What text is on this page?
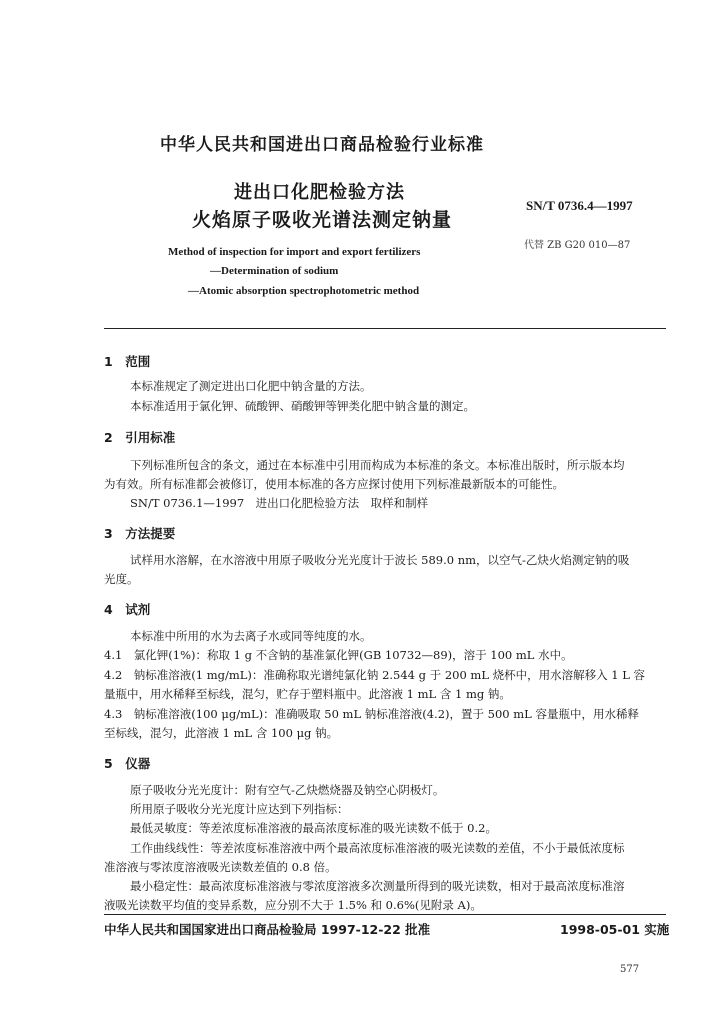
中华人民共和国进出口商品检验行业标准
进出口化肥检验方法
火焰原子吸收光谱法测定钠量
SN/T 0736.4—1997
代替 ZB G20 010—87
Method of inspection for import and export fertilizers
—Determination of sodium
—Atomic absorption spectrophotometric method
1　范围
本标准规定了测定进出口化肥中钠含量的方法。
本标准适用于氯化钾、硫酸钾、硝酸钾等钾类化肥中钠含量的测定。
2　引用标准
下列标准所包含的条文，通过在本标准中引用而构成为本标准的条文。本标准出版时，所示版本均
为有效。所有标准都会被修订，使用本标准的各方应探讨使用下列标准最新版本的可能性。
SN/T 0736.1—1997　进出口化肥检验方法　取样和制样
3　方法提要
试样用水溶解，在水溶液中用原子吸收分光光度计于波长 589.0 nm，以空气-乙炔火焰测定钠的吸
光度。
4　试剂
本标准中所用的水为去离子水或同等纯度的水。
4.1　氯化钾(1%)：称取 1 g 不含钠的基准氯化钾(GB 10732—89)，溶于 100 mL 水中。
4.2　钠标准溶液(1 mg/mL)：准确称取光谱纯氯化钠 2.544 g 于 200 mL 烧杯中，用水溶解移入 1 L 容
量瓶中，用水稀释至标线，混匀，贮存于塑料瓶中。此溶液 1 mL 含 1 mg 钠。
4.3　钠标准溶液(100 μg/mL)：准确吸取 50 mL 钠标准溶液(4.2)，置于 500 mL 容量瓶中，用水稀释
至标线，混匀，此溶液 1 mL 含 100 μg 钠。
5　仪器
原子吸收分光光度计：附有空气-乙炔燃烧器及钠空心阴极灯。
所用原子吸收分光光度计应达到下列指标：
最低灵敏度：等差浓度标准溶液的最高浓度标准的吸光读数不低于 0.2。
工作曲线线性：等差浓度标准溶液中两个最高浓度标准溶液的吸光读数的差值，不小于最低浓度标
准溶液与零浓度溶液吸光读数差值的 0.8 倍。
最小稳定性：最高浓度标准溶液与零浓度溶液多次测量所得到的吸光读数，相对于最高浓度标准溶
液吸光读数平均值的变异系数，应分别不大于 1.5% 和 0.6%(见附录 A)。
中华人民共和国国家进出口商品检验局 1997-12-22 批准	1998-05-01 实施
577
